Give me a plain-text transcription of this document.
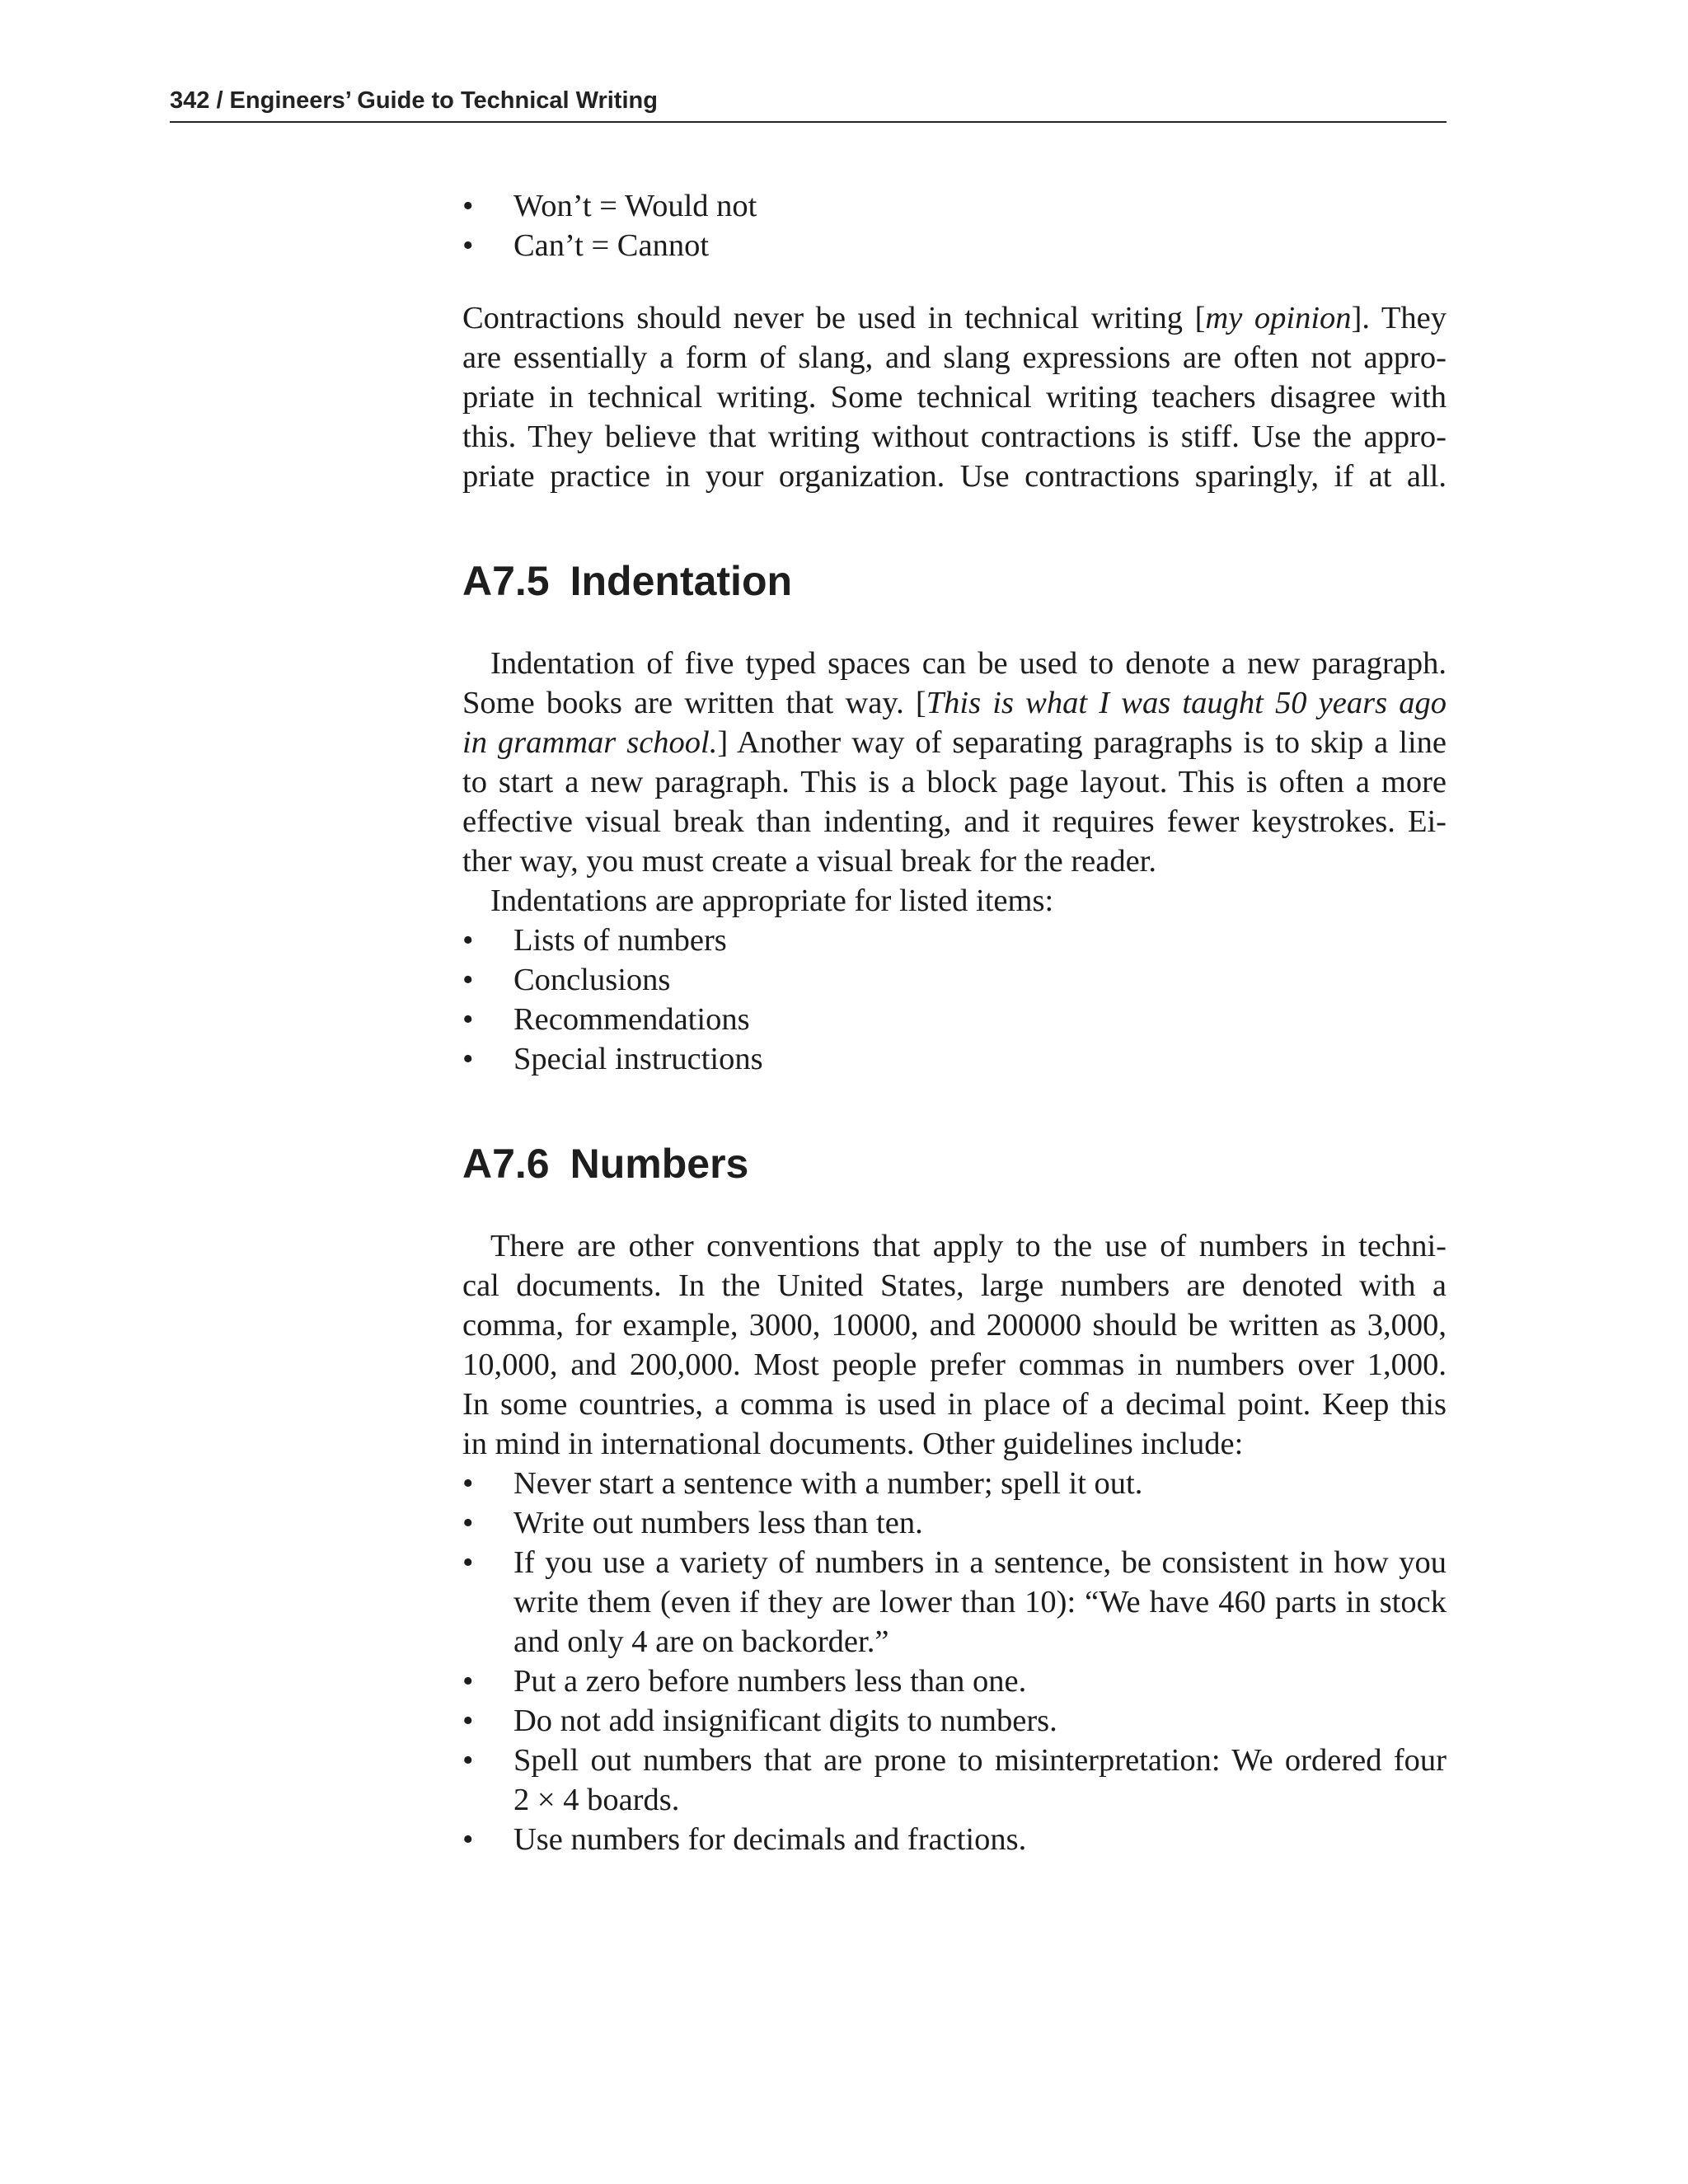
342 / Engineers’ Guide to Technical Writing
• Won’t = Would not
• Can’t = Cannot
Contractions should never be used in technical writing [my opinion]. They
are essentially a form of slang, and slang expressions are often not appro-
priate in technical writing. Some technical writing teachers disagree with
this. They believe that writing without contractions is stiff. Use the appro-
priate practice in your organization. Use contractions sparingly, if at all.
A7.5 Indentation
Indentation of five typed spaces can be used to denote a new paragraph.
Some books are written that way. [This is what I was taught 50 years ago
in grammar school.] Another way of separating paragraphs is to skip a line
to start a new paragraph. This is a block page layout. This is often a more
effective visual break than indenting, and it requires fewer keystrokes. Ei-
ther way, you must create a visual break for the reader.
Indentations are appropriate for listed items:
• Lists of numbers
• Conclusions
• Recommendations
• Special instructions
A7.6 Numbers
There are other conventions that apply to the use of numbers in techni-
cal documents. In the United States, large numbers are denoted with a
comma, for example, 3000, 10000, and 200000 should be written as 3,000,
10,000, and 200,000. Most people prefer commas in numbers over 1,000.
In some countries, a comma is used in place of a decimal point. Keep this
in mind in international documents. Other guidelines include:
• Never start a sentence with a number; spell it out.
• Write out numbers less than ten.
• If you use a variety of numbers in a sentence, be consistent in how you
write them (even if they are lower than 10): “We have 460 parts in stock
and only 4 are on backorder.”
• Put a zero before numbers less than one.
• Do not add insignificant digits to numbers.
• Spell out numbers that are prone to misinterpretation: We ordered four
2 × 4 boards.
• Use numbers for decimals and fractions.
